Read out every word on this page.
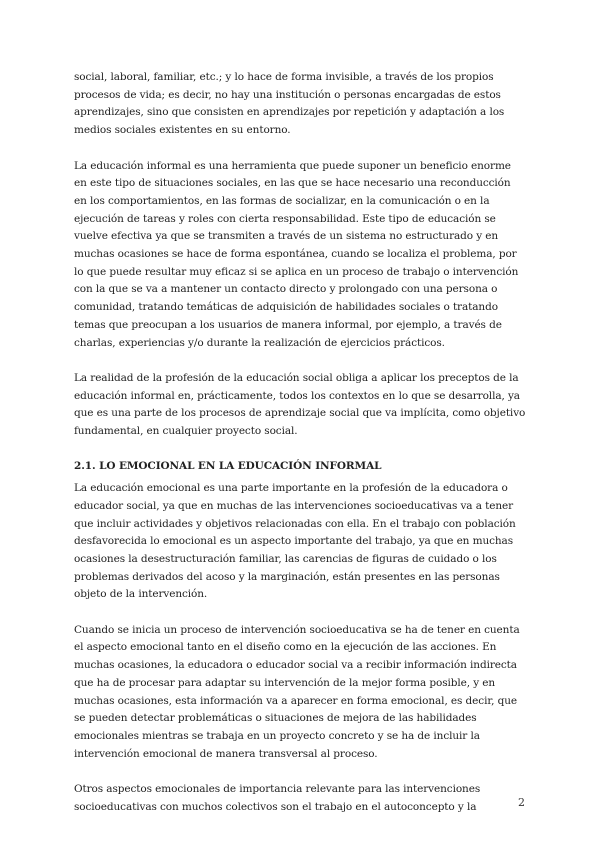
social, laboral, familiar, etc.; y lo hace de forma invisible, a través de los propios procesos de vida; es decir, no hay una institución o personas encargadas de estos aprendizajes, sino que consisten en aprendizajes por repetición y adaptación a los medios sociales existentes en su entorno.

La educación informal es una herramienta que puede suponer un beneficio enorme en este tipo de situaciones sociales, en las que se hace necesario una reconducción en los comportamientos, en las formas de socializar, en la comunicación o en la ejecución de tareas y roles con cierta responsabilidad. Este tipo de educación se vuelve efectiva ya que se transmiten a través de un sistema no estructurado y en muchas ocasiones se hace de forma espontánea, cuando se localiza el problema, por lo que puede resultar muy eficaz si se aplica en un proceso de trabajo o intervención con la que se va a mantener un contacto directo y prolongado con una persona o comunidad, tratando temáticas de adquisición de habilidades sociales o tratando temas que preocupan a los usuarios de manera informal, por ejemplo, a través de charlas, experiencias y/o durante la realización de ejercicios prácticos.

La realidad de la profesión de la educación social obliga a aplicar los preceptos de la educación informal en, prácticamente, todos los contextos en lo que se desarrolla, ya que es una parte de los procesos de aprendizaje social que va implícita, como objetivo fundamental, en cualquier proyecto social.

2.1. LO EMOCIONAL EN LA EDUCACIÓN INFORMAL

La educación emocional es una parte importante en la profesión de la educadora o educador social, ya que en muchas de las intervenciones socioeducativas va a tener que incluir actividades y objetivos relacionadas con ella. En el trabajo con población desfavorecida lo emocional es un aspecto importante del trabajo, ya que en muchas ocasiones la desestructuración familiar, las carencias de figuras de cuidado o los problemas derivados del acoso y la marginación, están presentes en las personas objeto de la intervención.

Cuando se inicia un proceso de intervención socioeducativa se ha de tener en cuenta el aspecto emocional tanto en el diseño como en la ejecución de las acciones. En muchas ocasiones, la educadora o educador social va a recibir información indirecta que ha de procesar para adaptar su intervención de la mejor forma posible, y en muchas ocasiones, esta información va a aparecer en forma emocional, es decir, que se pueden detectar problemáticas o situaciones de mejora de las habilidades emocionales mientras se trabaja en un proyecto concreto y se ha de incluir la intervención emocional de manera transversal al proceso.

Otros aspectos emocionales de importancia relevante para las intervenciones socioeducativas con muchos colectivos son el trabajo en el autoconcepto y la	2
